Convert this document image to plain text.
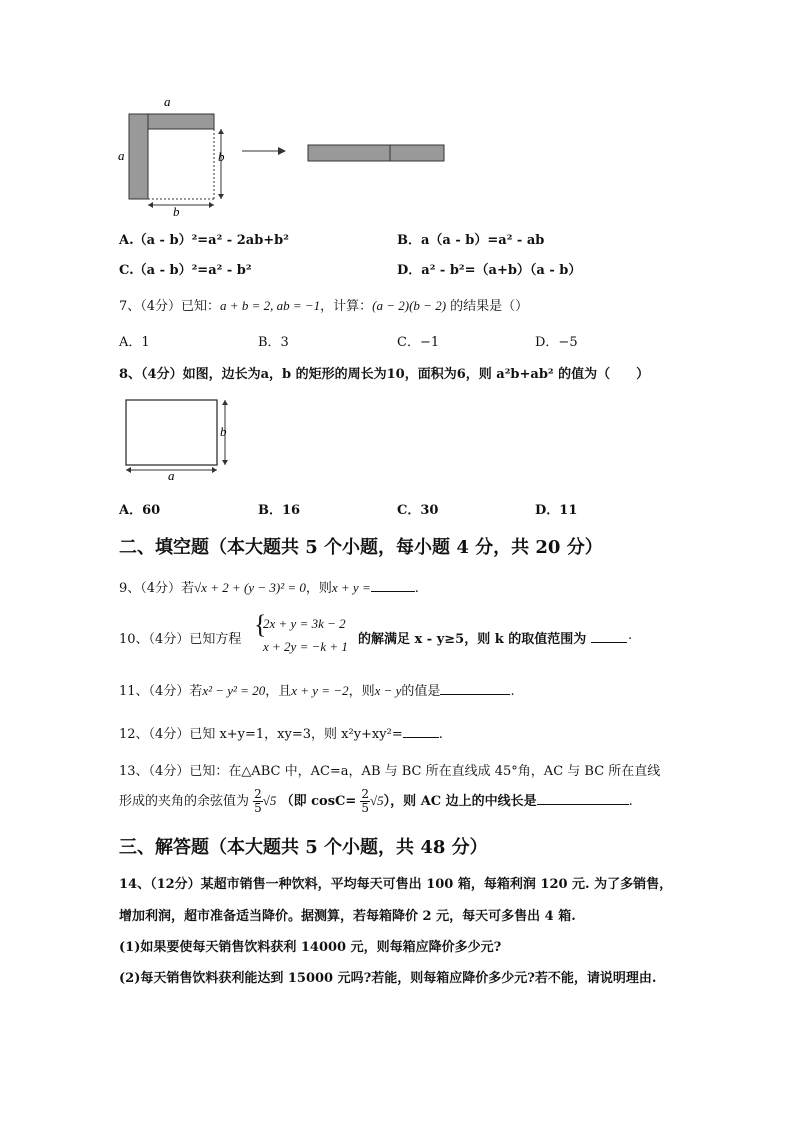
a
a	b
b
A.（a - b）²=a² - 2ab+b²	B．a（a - b）=a² - ab
C.（a - b）²=a² - b²	D．a² - b²=（a+b）（a - b）
7、（4分）已知：a + b = 2, ab = −1，计算：(a − 2)(b − 2) 的结果是（）
A．1	B．3	C．−1	D．−5
8、（4分）如图，边长为a，b 的矩形的周长为10，面积为6，则 a²b+ab² 的值为（　　）
b
a
A．60	B．16	C．30	D．11
二、填空题（本大题共 5 个小题，每小题 4 分，共 20 分）
9、（4分）若√x + 2 + (y − 3)² = 0，则x + y =	.
10、（4分）已知方程
{
2x + y = 3k − 2
x + 2y = −k + 1 的解满足 x - y≥5，则 k 的取值范围为	.
11、（4分）若x² − y² = 20，且x + y = −2，则x − y的值是	.
12、（4分）已知 x+y=1，xy=3，则 x²y+xy²=	.
13、（4分）已知：在△ABC 中，AC=a，AB 与 BC 所在直线成 45°角，AC 与 BC 所在直线
形成的夹角的余弦值为 $\frac{2}{5} √5$ （即 $\cos C= \frac{2}{5} √5$），则 AC 边上的中线长是	.
三、解答题（本大题共 5 个小题，共 48 分）
14、（12分）某超市销售一种饮料，平均每天可售出 100 箱，每箱利润 120 元. 为了多销售，
增加利润，超市准备适当降价。据测算，若每箱降价 2 元，每天可多售出 4 箱.
(1)如果要使每天销售饮料获利 14000 元，则每箱应降价多少元?
(2)每天销售饮料获利能达到 15000 元吗?若能，则每箱应降价多少元?若不能，请说明理由.
